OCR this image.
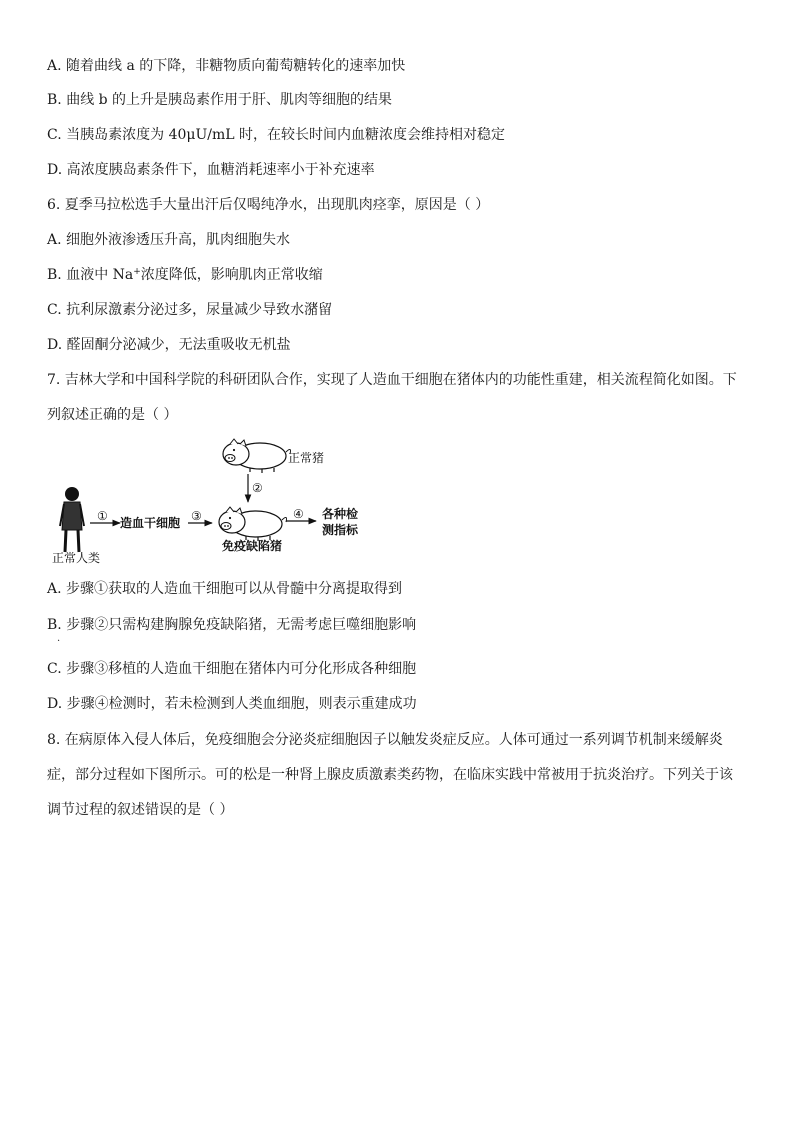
A. 随着曲线 a 的下降，非糖物质向葡萄糖转化的速率加快

B. 曲线 b 的上升是胰岛素作用于肝、肌肉等细胞的结果

C. 当胰岛素浓度为 40μU/mL 时，在较长时间内血糖浓度会维持相对稳定

D. 高浓度胰岛素条件下，血糖消耗速率小于补充速率

6. 夏季马拉松选手大量出汗后仅喝纯净水，出现肌肉痉挛，原因是（ ）

A. 细胞外液渗透压升高，肌肉细胞失水

B. 血液中 Na+浓度降低，影响肌肉正常收缩

C. 抗利尿激素分泌过多，尿量减少导致水潴留

D. 醛固酮分泌减少，无法重吸收无机盐

7. 吉林大学和中国科学院的科研团队合作，实现了人造血干细胞在猪体内的功能性重建，相关流程简化如图。下

列叙述正确的是（ ）

正常猪
②
正常人类
① 造血干细胞 ③
免疫缺陷猪
④ 各种检
测指标

A. 步骤①获取的人造血干细胞可以从骨髓中分离提取得到

B. 步骤②只需构建胸腺免疫缺陷猪，无需考虑巨噬细胞影响

·

C. 步骤③移植的人造血干细胞在猪体内可分化形成各种细胞

D. 步骤④检测时，若未检测到人类血细胞，则表示重建成功

8. 在病原体入侵人体后，免疫细胞会分泌炎症细胞因子以触发炎症反应。人体可通过一系列调节机制来缓解炎

症，部分过程如下图所示。可的松是一种肾上腺皮质激素类药物，在临床实践中常被用于抗炎治疗。下列关于该

调节过程的叙述错误的是（ ）
